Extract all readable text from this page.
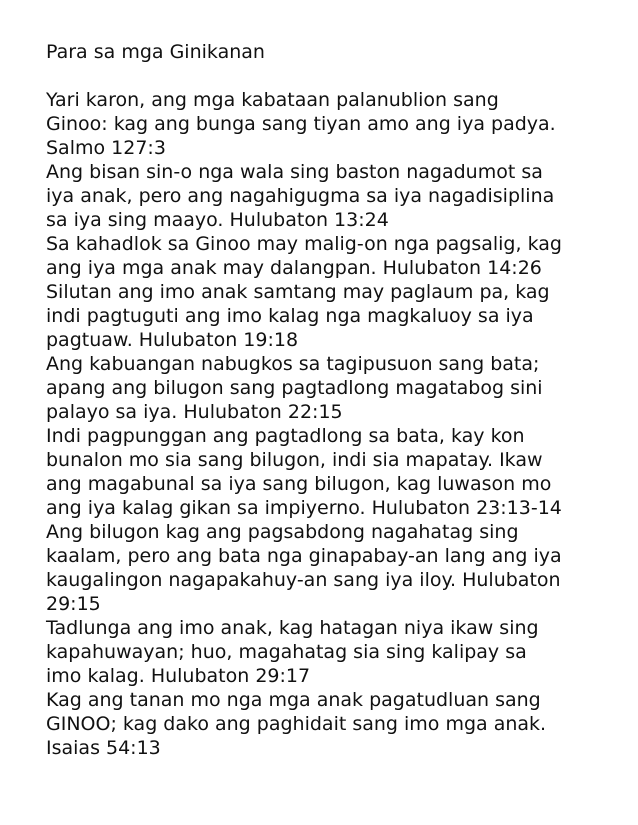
Para sa mga Ginikanan

Yari karon, ang mga kabataan palanublion sang
Ginoo: kag ang bunga sang tiyan amo ang iya padya.
Salmo 127:3

Ang bisan sin-o nga wala sing baston nagadumot sa
iya anak, pero ang nagahigugma sa iya nagadisiplina
sa iya sing maayo. Hulubaton 13:24

Sa kahadlok sa Ginoo may malig-on nga pagsalig, kag
ang iya mga anak may dalangpan. Hulubaton 14:26

Silutan ang imo anak samtang may paglaum pa, kag
indi pagtuguti ang imo kalag nga magkaluoy sa iya
pagtuaw. Hulubaton 19:18

Ang kabuangan nabugkos sa tagipusuon sang bata;
apang ang bilugon sang pagtadlong magatabog sini
palayo sa iya. Hulubaton 22:15

Indi pagpunggan ang pagtadlong sa bata, kay kon
bunalon mo sia sang bilugon, indi sia mapatay. Ikaw
ang magabunal sa iya sang bilugon, kag luwason mo
ang iya kalag gikan sa impiyerno. Hulubaton 23:13-14

Ang bilugon kag ang pagsabdong nagahatag sing
kaalam, pero ang bata nga ginapabay-an lang ang iya
kaugalingon nagapakahuy-an sang iya iloy. Hulubaton
29:15

Tadlunga ang imo anak, kag hatagan niya ikaw sing
kapahuwayan; huo, magahatag sia sing kalipay sa
imo kalag. Hulubaton 29:17

Kag ang tanan mo nga mga anak pagatudluan sang
GINOO; kag dako ang paghidait sang imo mga anak.
Isaias 54:13
